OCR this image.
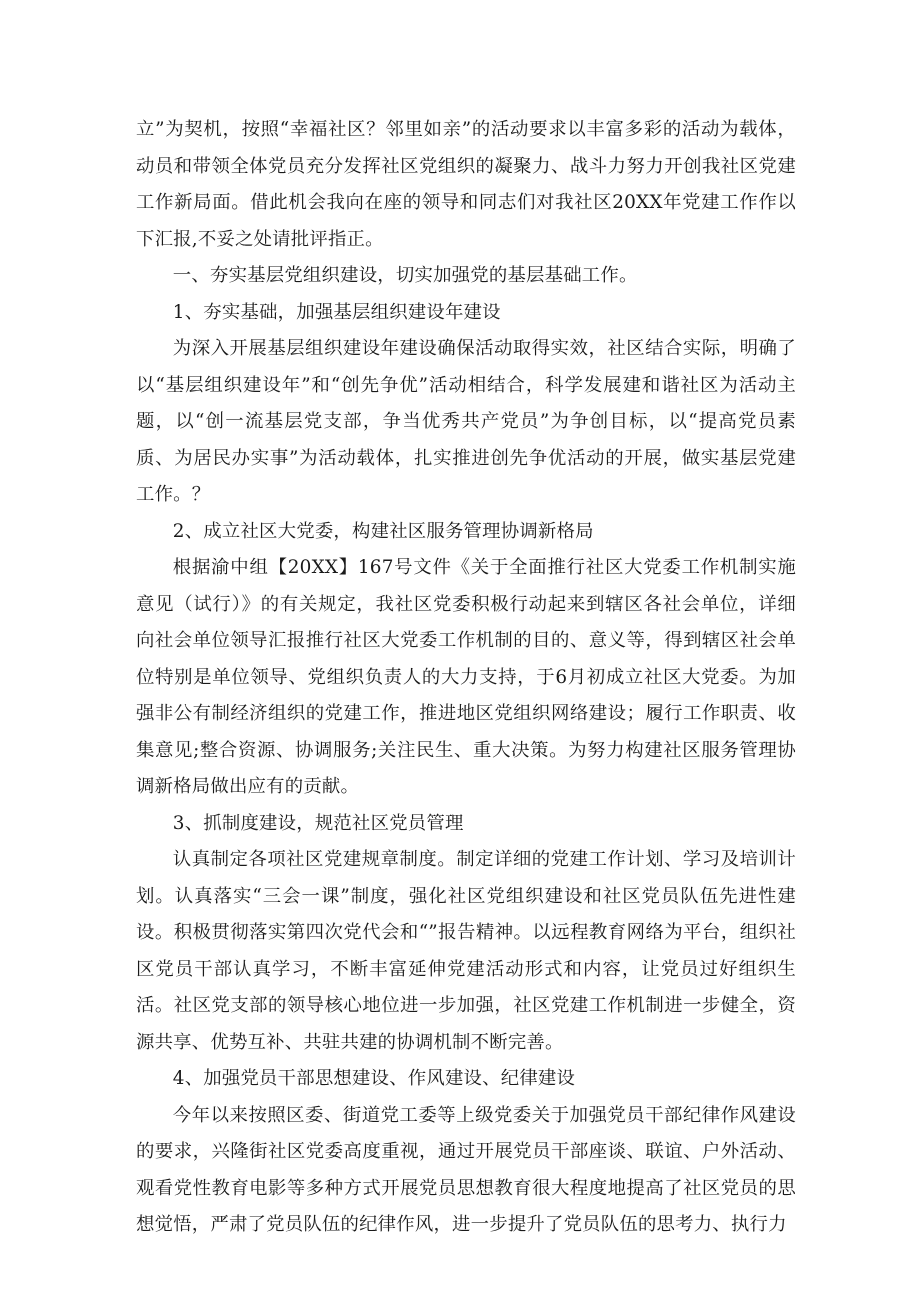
立”为契机，按照“幸福社区？邻里如亲”的活动要求以丰富多彩的活动为载体，动员和带领全体党员充分发挥社区党组织的凝聚力、战斗力努力开创我社区党建工作新局面。借此机会我向在座的领导和同志们对我社区20XX年党建工作作以下汇报,不妥之处请批评指正。

一、夯实基层党组织建设，切实加强党的基层基础工作。

1、夯实基础，加强基层组织建设年建设

为深入开展基层组织建设年建设确保活动取得实效，社区结合实际，明确了以“基层组织建设年”和“创先争优”活动相结合，科学发展建和谐社区为活动主题，以“创一流基层党支部，争当优秀共产党员”为争创目标，以“提高党员素质、为居民办实事”为活动载体，扎实推进创先争优活动的开展，做实基层党建工作。？

2、成立社区大党委，构建社区服务管理协调新格局

根据渝中组【20XX】167号文件《关于全面推行社区大党委工作机制实施意见（试行）》的有关规定，我社区党委积极行动起来到辖区各社会单位，详细向社会单位领导汇报推行社区大党委工作机制的目的、意义等，得到辖区社会单位特别是单位领导、党组织负责人的大力支持，于6月初成立社区大党委。为加强非公有制经济组织的党建工作，推进地区党组织网络建设；履行工作职责、收集意见;整合资源、协调服务;关注民生、重大决策。为努力构建社区服务管理协调新格局做出应有的贡献。

3、抓制度建设，规范社区党员管理

认真制定各项社区党建规章制度。制定详细的党建工作计划、学习及培训计划。认真落实“三会一课”制度，强化社区党组织建设和社区党员队伍先进性建设。积极贯彻落实第四次党代会和“”报告精神。以远程教育网络为平台，组织社区党员干部认真学习，不断丰富延伸党建活动形式和内容，让党员过好组织生活。社区党支部的领导核心地位进一步加强，社区党建工作机制进一步健全，资源共享、优势互补、共驻共建的协调机制不断完善。

4、加强党员干部思想建设、作风建设、纪律建设

今年以来按照区委、街道党工委等上级党委关于加强党员干部纪律作风建设的要求，兴隆街社区党委高度重视，通过开展党员干部座谈、联谊、户外活动、观看党性教育电影等多种方式开展党员思想教育很大程度地提高了社区党员的思想觉悟，严肃了党员队伍的纪律作风，进一步提升了党员队伍的思考力、执行力
